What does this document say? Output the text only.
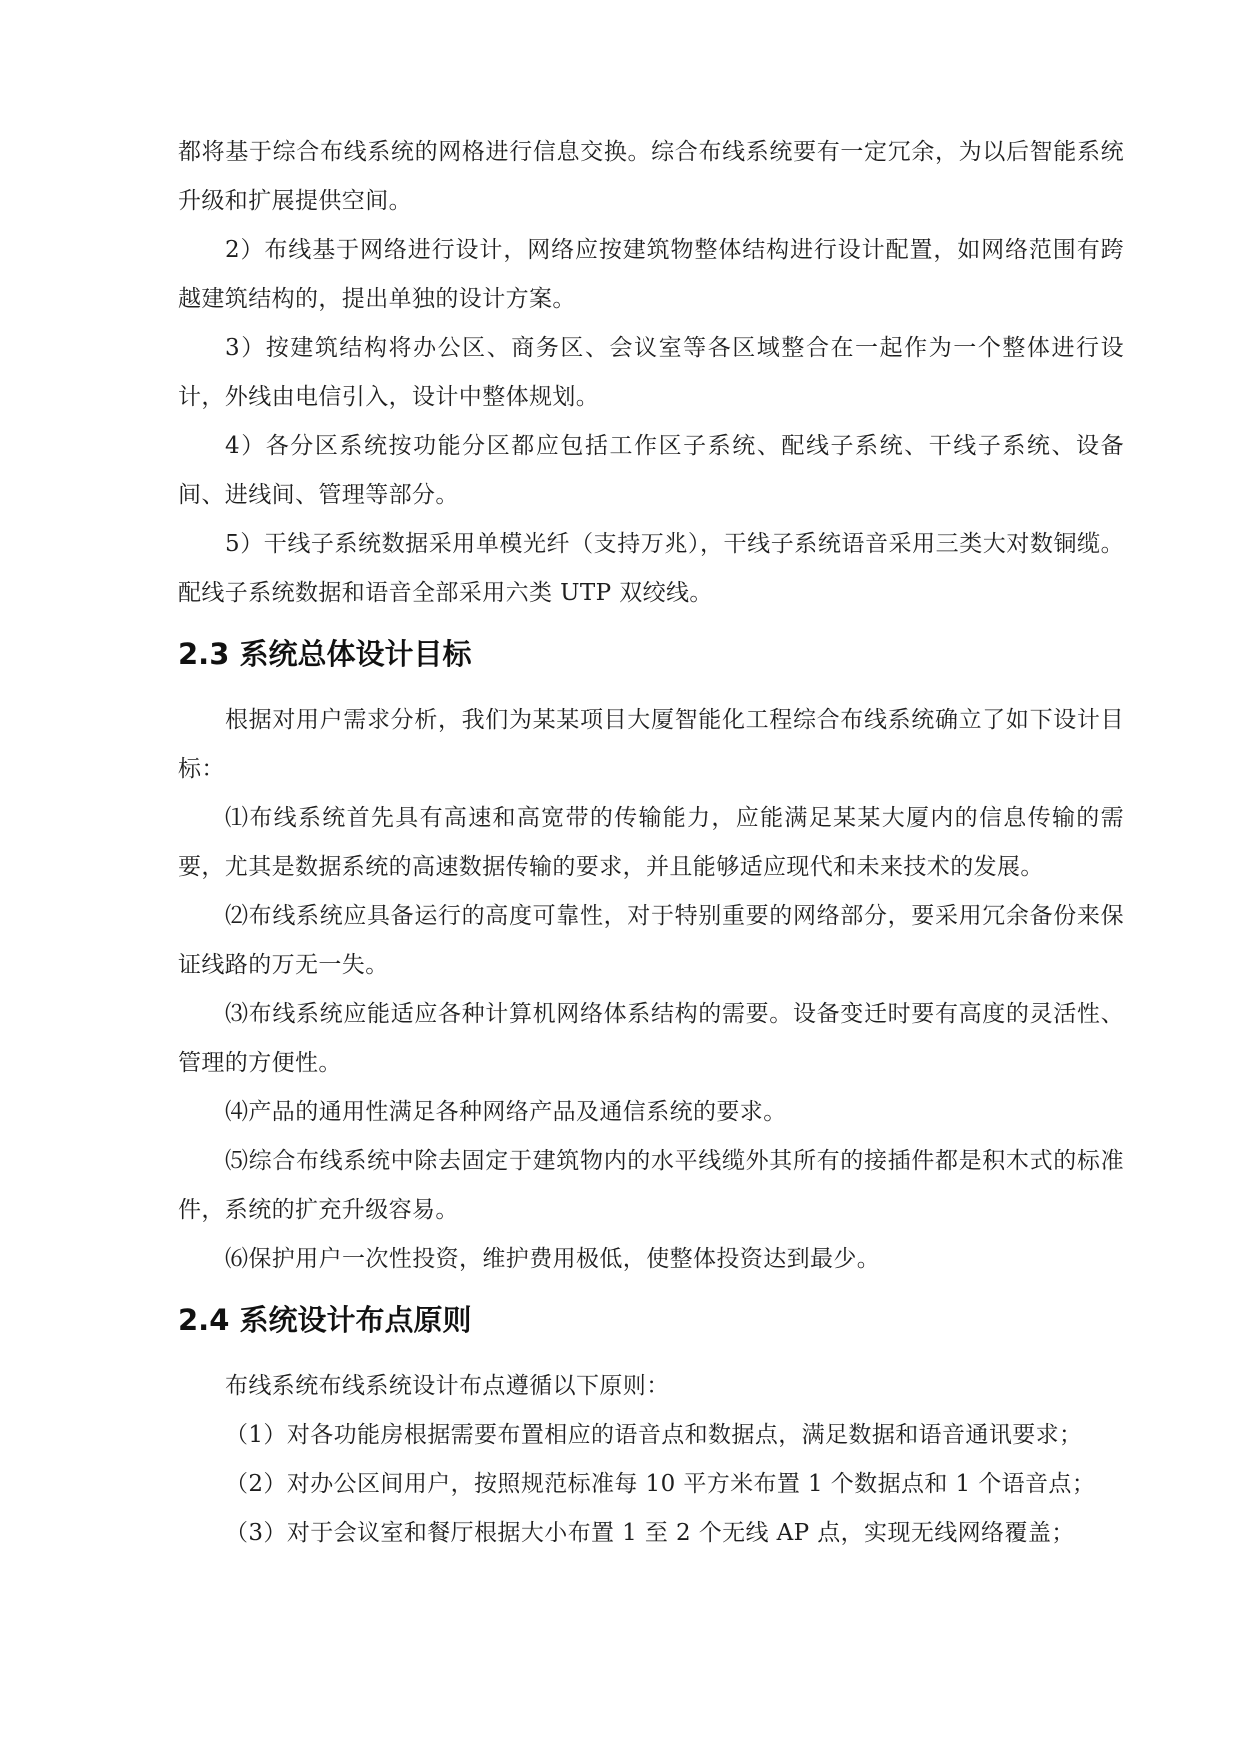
都将基于综合布线系统的网格进行信息交换。综合布线系统要有一定冗余，为以后智能系统升级和扩展提供空间。

2）布线基于网络进行设计，网络应按建筑物整体结构进行设计配置，如网络范围有跨越建筑结构的，提出单独的设计方案。

3）按建筑结构将办公区、商务区、会议室等各区域整合在一起作为一个整体进行设计，外线由电信引入，设计中整体规划。

4）各分区系统按功能分区都应包括工作区子系统、配线子系统、干线子系统、设备间、进线间、管理等部分。

5）干线子系统数据采用单模光纤（支持万兆），干线子系统语音采用三类大对数铜缆。配线子系统数据和语音全部采用六类 UTP 双绞线。

2.3 系统总体设计目标

根据对用户需求分析，我们为某某项目大厦智能化工程综合布线系统确立了如下设计目标：

⑴布线系统首先具有高速和高宽带的传输能力，应能满足某某大厦内的信息传输的需要，尤其是数据系统的高速数据传输的要求，并且能够适应现代和未来技术的发展。

⑵布线系统应具备运行的高度可靠性，对于特别重要的网络部分，要采用冗余备份来保证线路的万无一失。

⑶布线系统应能适应各种计算机网络体系结构的需要。设备变迁时要有高度的灵活性、管理的方便性。

⑷产品的通用性满足各种网络产品及通信系统的要求。

⑸综合布线系统中除去固定于建筑物内的水平线缆外其所有的接插件都是积木式的标准件，系统的扩充升级容易。

⑹保护用户一次性投资，维护费用极低，使整体投资达到最少。

2.4 系统设计布点原则

布线系统布线系统设计布点遵循以下原则：

（1）对各功能房根据需要布置相应的语音点和数据点，满足数据和语音通讯要求；

（2）对办公区间用户，按照规范标准每 10 平方米布置 1 个数据点和 1 个语音点；

（3）对于会议室和餐厅根据大小布置 1 至 2 个无线 AP 点，实现无线网络覆盖；
